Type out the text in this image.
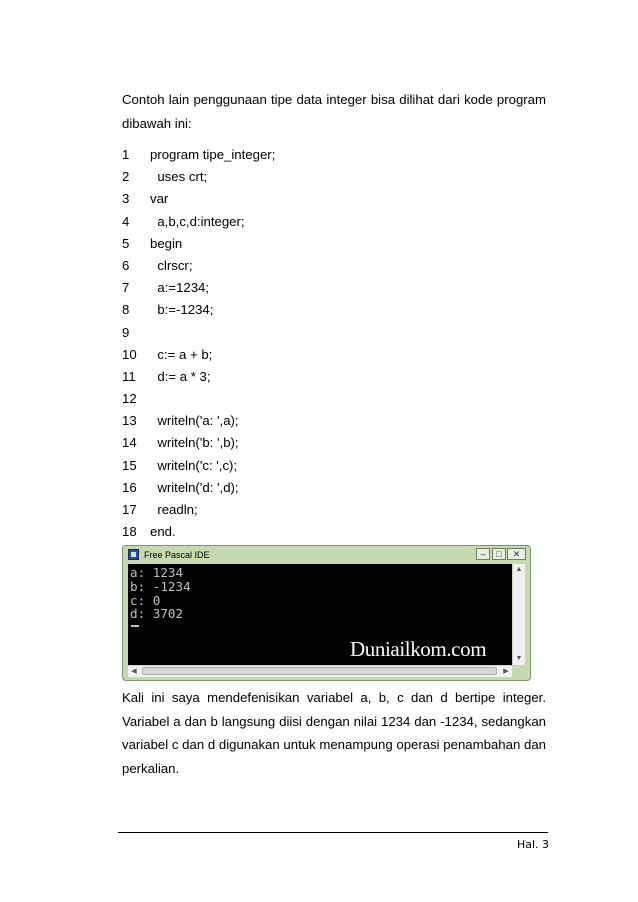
Contoh lain penggunaan tipe data integer bisa dilihat dari kode program dibawah ini:

1 program tipe_integer;
2 uses crt;
3 var
4 a,b,c,d:integer;
5 begin
6 clrscr;
7 a:=1234;
8 b:=-1234;
9
10 c:= a + b;
11 d:= a * 3;
12
13 writeln('a: ',a);
14 writeln('b: ',b);
15 writeln('c: ',c);
16 writeln('d: ',d);
17 readln;
18 end.
Free Pascal IDE	–	□	✕
a: 1234
b: -1234
c: 0
d: 3702
Duniailkom.com
▲
▼
◀	▶

Kali ini saya mendefenisikan variabel a, b, c dan d bertipe integer. Variabel a dan b langsung diisi dengan nilai 1234 dan -1234, sedangkan variabel c dan d digunakan untuk menampung operasi penambahan dan perkalian.

Hal. 3
